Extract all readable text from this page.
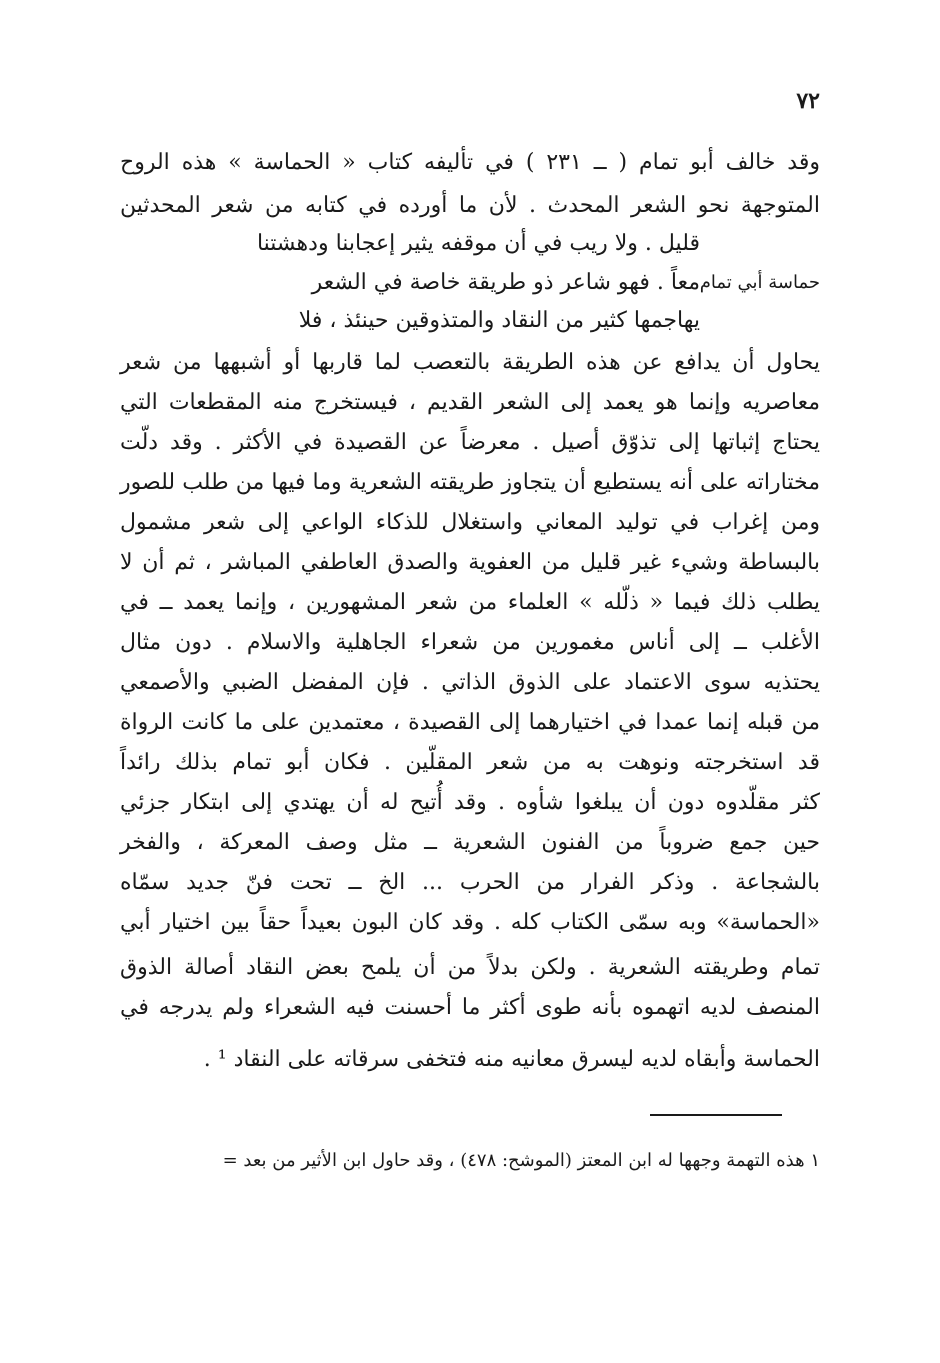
٧٢
حماسة أبي تمام
وقد خالف أبو تمام ( ــ ٢٣١ ) في تأليفه كتاب « الحماسة » هذه الروح
المتوجهة نحو الشعر المحدث . لأن ما أورده في كتابه من شعر المحدثين
قليل . ولا ريب في أن موقفه يثير إعجابنا ودهشتنا
معاً . فهو شاعر ذو طريقة خاصة في الشعر
يهاجمها كثير من النقاد والمتذوقين حينئذ ، فلا
يحاول أن يدافع عن هذه الطريقة بالتعصب لما قاربها أو أشبهها من شعر
معاصريه وإنما هو يعمد إلى الشعر القديم ، فيستخرج منه المقطعات التي
يحتاج إثباتها إلى تذوّق أصيل . معرضاً عن القصيدة في الأكثر . وقد دلّت
مختاراته على أنه يستطيع أن يتجاوز طريقته الشعرية وما فيها من طلب للصور
ومن إغراب في توليد المعاني واستغلال للذكاء الواعي إلى شعر مشمول
بالبساطة وشيء غير قليل من العفوية والصدق العاطفي المباشر ، ثم أن لا
يطلب ذلك فيما « ذلّله » العلماء من شعر المشهورين ، وإنما يعمد ــ في
الأغلب ــ إلى أناس مغمورين من شعراء الجاهلية والاسلام . دون مثال
يحتذيه سوى الاعتماد على الذوق الذاتي . فإن المفضل الضبي والأصمعي
من قبله إنما عمدا في اختيارهما إلى القصيدة ، معتمدين على ما كانت الرواة
قد استخرجته ونوهت به من شعر المقلّين . فكان أبو تمام بذلك رائداً
كثر مقلّدوه دون أن يبلغوا شأوه . وقد أُتيح له أن يهتدي إلى ابتكار جزئي
حين جمع ضروباً من الفنون الشعرية ــ مثل وصف المعركة ، والفخر
بالشجاعة . وذكر الفرار من الحرب ... الخ ــ تحت فنّ جديد سمّاه
«الحماسة» وبه سمّى الكتاب كله . وقد كان البون بعيداً حقاً بين اختيار أبي
تمام وطريقته الشعرية . ولكن بدلاً من أن يلمح بعض النقاد أصالة الذوق
المنصف لديه اتهموه بأنه طوى أكثر ما أحسنت فيه الشعراء ولم يدرجه في
الحماسة وأبقاه لديه ليسرق معانيه منه فتخفى سرقاته على النقاد ¹ .
١ هذه التهمة وجهها له ابن المعتز (الموشح: ٤٧٨) ، وقد حاول ابن الأثير من بعد =
